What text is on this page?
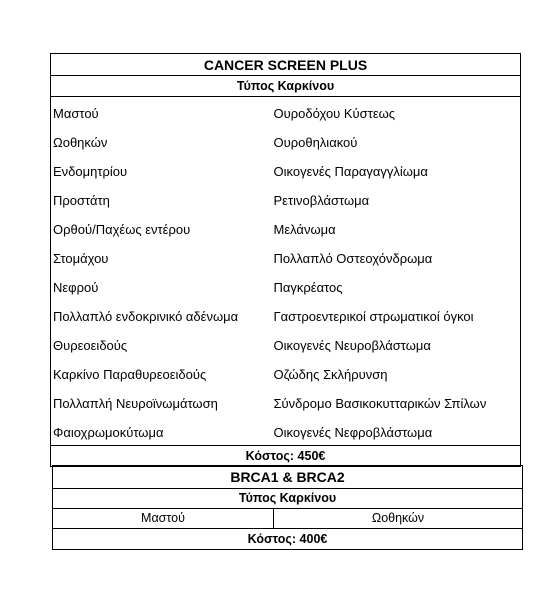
CANCER SCREEN PLUS	
Τύπος Καρκίνου	
Μαστού	Ουροδόχου Κύστεως
Ωοθηκών	Ουροθηλιακού
Ενδομητρίου	Οικογενές Παραγαγγλίωμα
Προστάτη	Ρετινοβλάστωμα
Ορθού/Παχέως εντέρου	Μελάνωμα
Στομάχου	Πολλαπλό Οστεοχόνδρωμα
Νεφρού	Παγκρέατος
Πολλαπλό ενδοκρινικό αδένωμα	Γαστροεντερικοί στρωματικοί όγκοι
Θυρεοειδούς	Οικογενές Νευροβλάστωμα
Καρκίνο Παραθυρεοειδούς	Οζώδης Σκλήρυνση
Πολλαπλή Νευροϊνωμάτωση	Σύνδρομο Βασικοκυτταρικών Σπίλων
Φαιοχρωμοκύτωμα	Οικογενές Νεφροβλάστωμα
Κόστος: 450€	
BRCA1 & BRCA2
Τύπος Καρκίνου
Μαστού	Ωοθηκών
Κόστος: 400€
